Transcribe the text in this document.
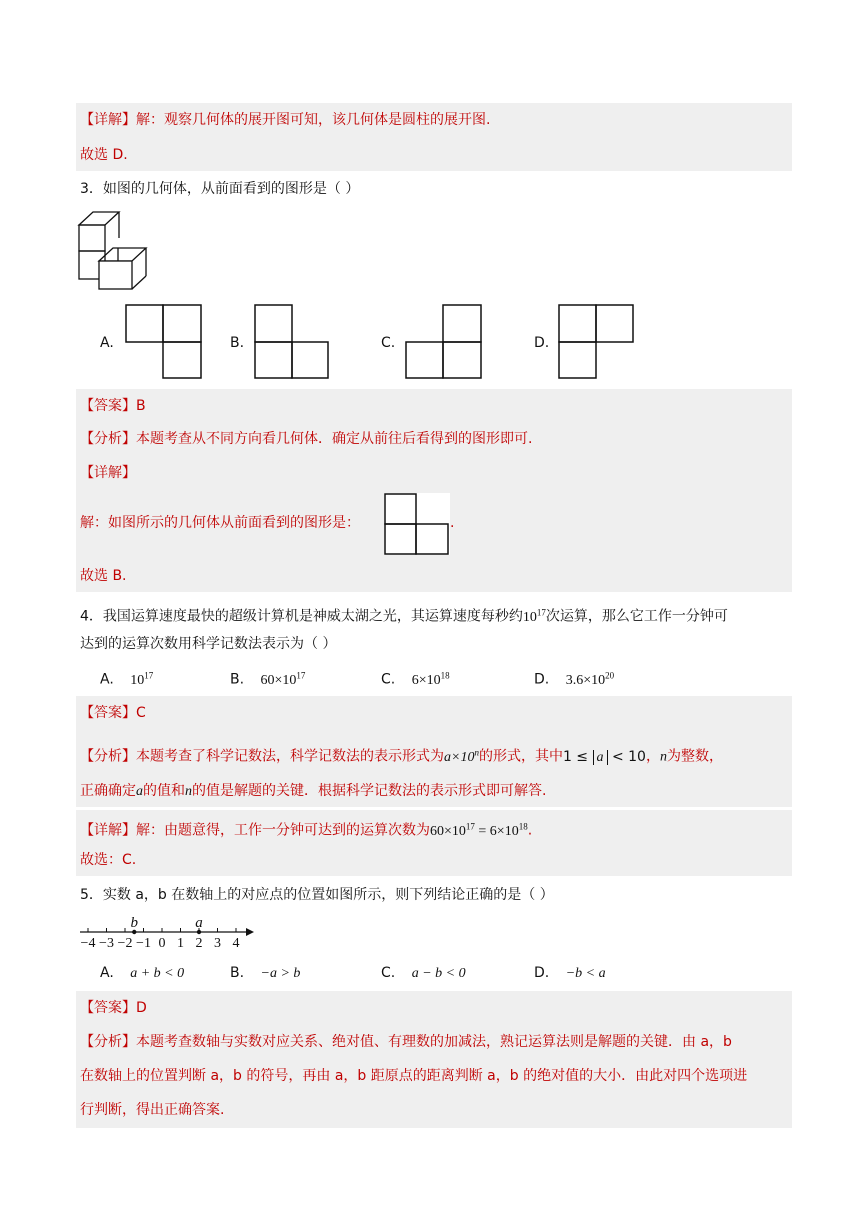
【详解】解：观察几何体的展开图可知，该几何体是圆柱的展开图.
故选 D.
3．如图的几何体，从前面看到的图形是（ ）
A.	B.	C.	D.
【答案】B
【分析】本题考查从不同方向看几何体．确定从前往后看得到的图形即可.
【详解】
解：如图所示的几何体从前面看到的图形是：	.
故选 B.
4．我国运算速度最快的超级计算机是神威太湖之光，其运算速度每秒约$10^{17}$次运算，那么它工作一分钟可
达到的运算次数用科学记数法表示为（ ）
A. $10^{17}$	B. $60\times 10^{17}$	C. $6\times 10^{18}$	D. $3.6\times 10^{20}$
【答案】C
【分析】本题考查了科学记数法，科学记数法的表示形式为$a\times 10^n$的形式，其中1 ≤ a < 10，n为整数，
正确确定a的值和n的值是解题的关键．根据科学记数法的表示形式即可解答.
【详解】解：由题意得，工作一分钟可达到的运算次数为$60\times 10^{17} = 6\times 10^{18}$.
故选：C.
5．实数 a，b 在数轴上的对应点的位置如图所示，则下列结论正确的是（ ）
−4 −3 −2 −1 0 1 2 3 4
b	a
A. a + b < 0	B. −a > b	C. a − b < 0	D. −b < a
【答案】D
【分析】本题考查数轴与实数对应关系、绝对值、有理数的加减法，熟记运算法则是解题的关键．由 a，b
在数轴上的位置判断 a，b 的符号，再由 a，b 距原点的距离判断 a，b 的绝对值的大小．由此对四个选项进
行判断，得出正确答案.
